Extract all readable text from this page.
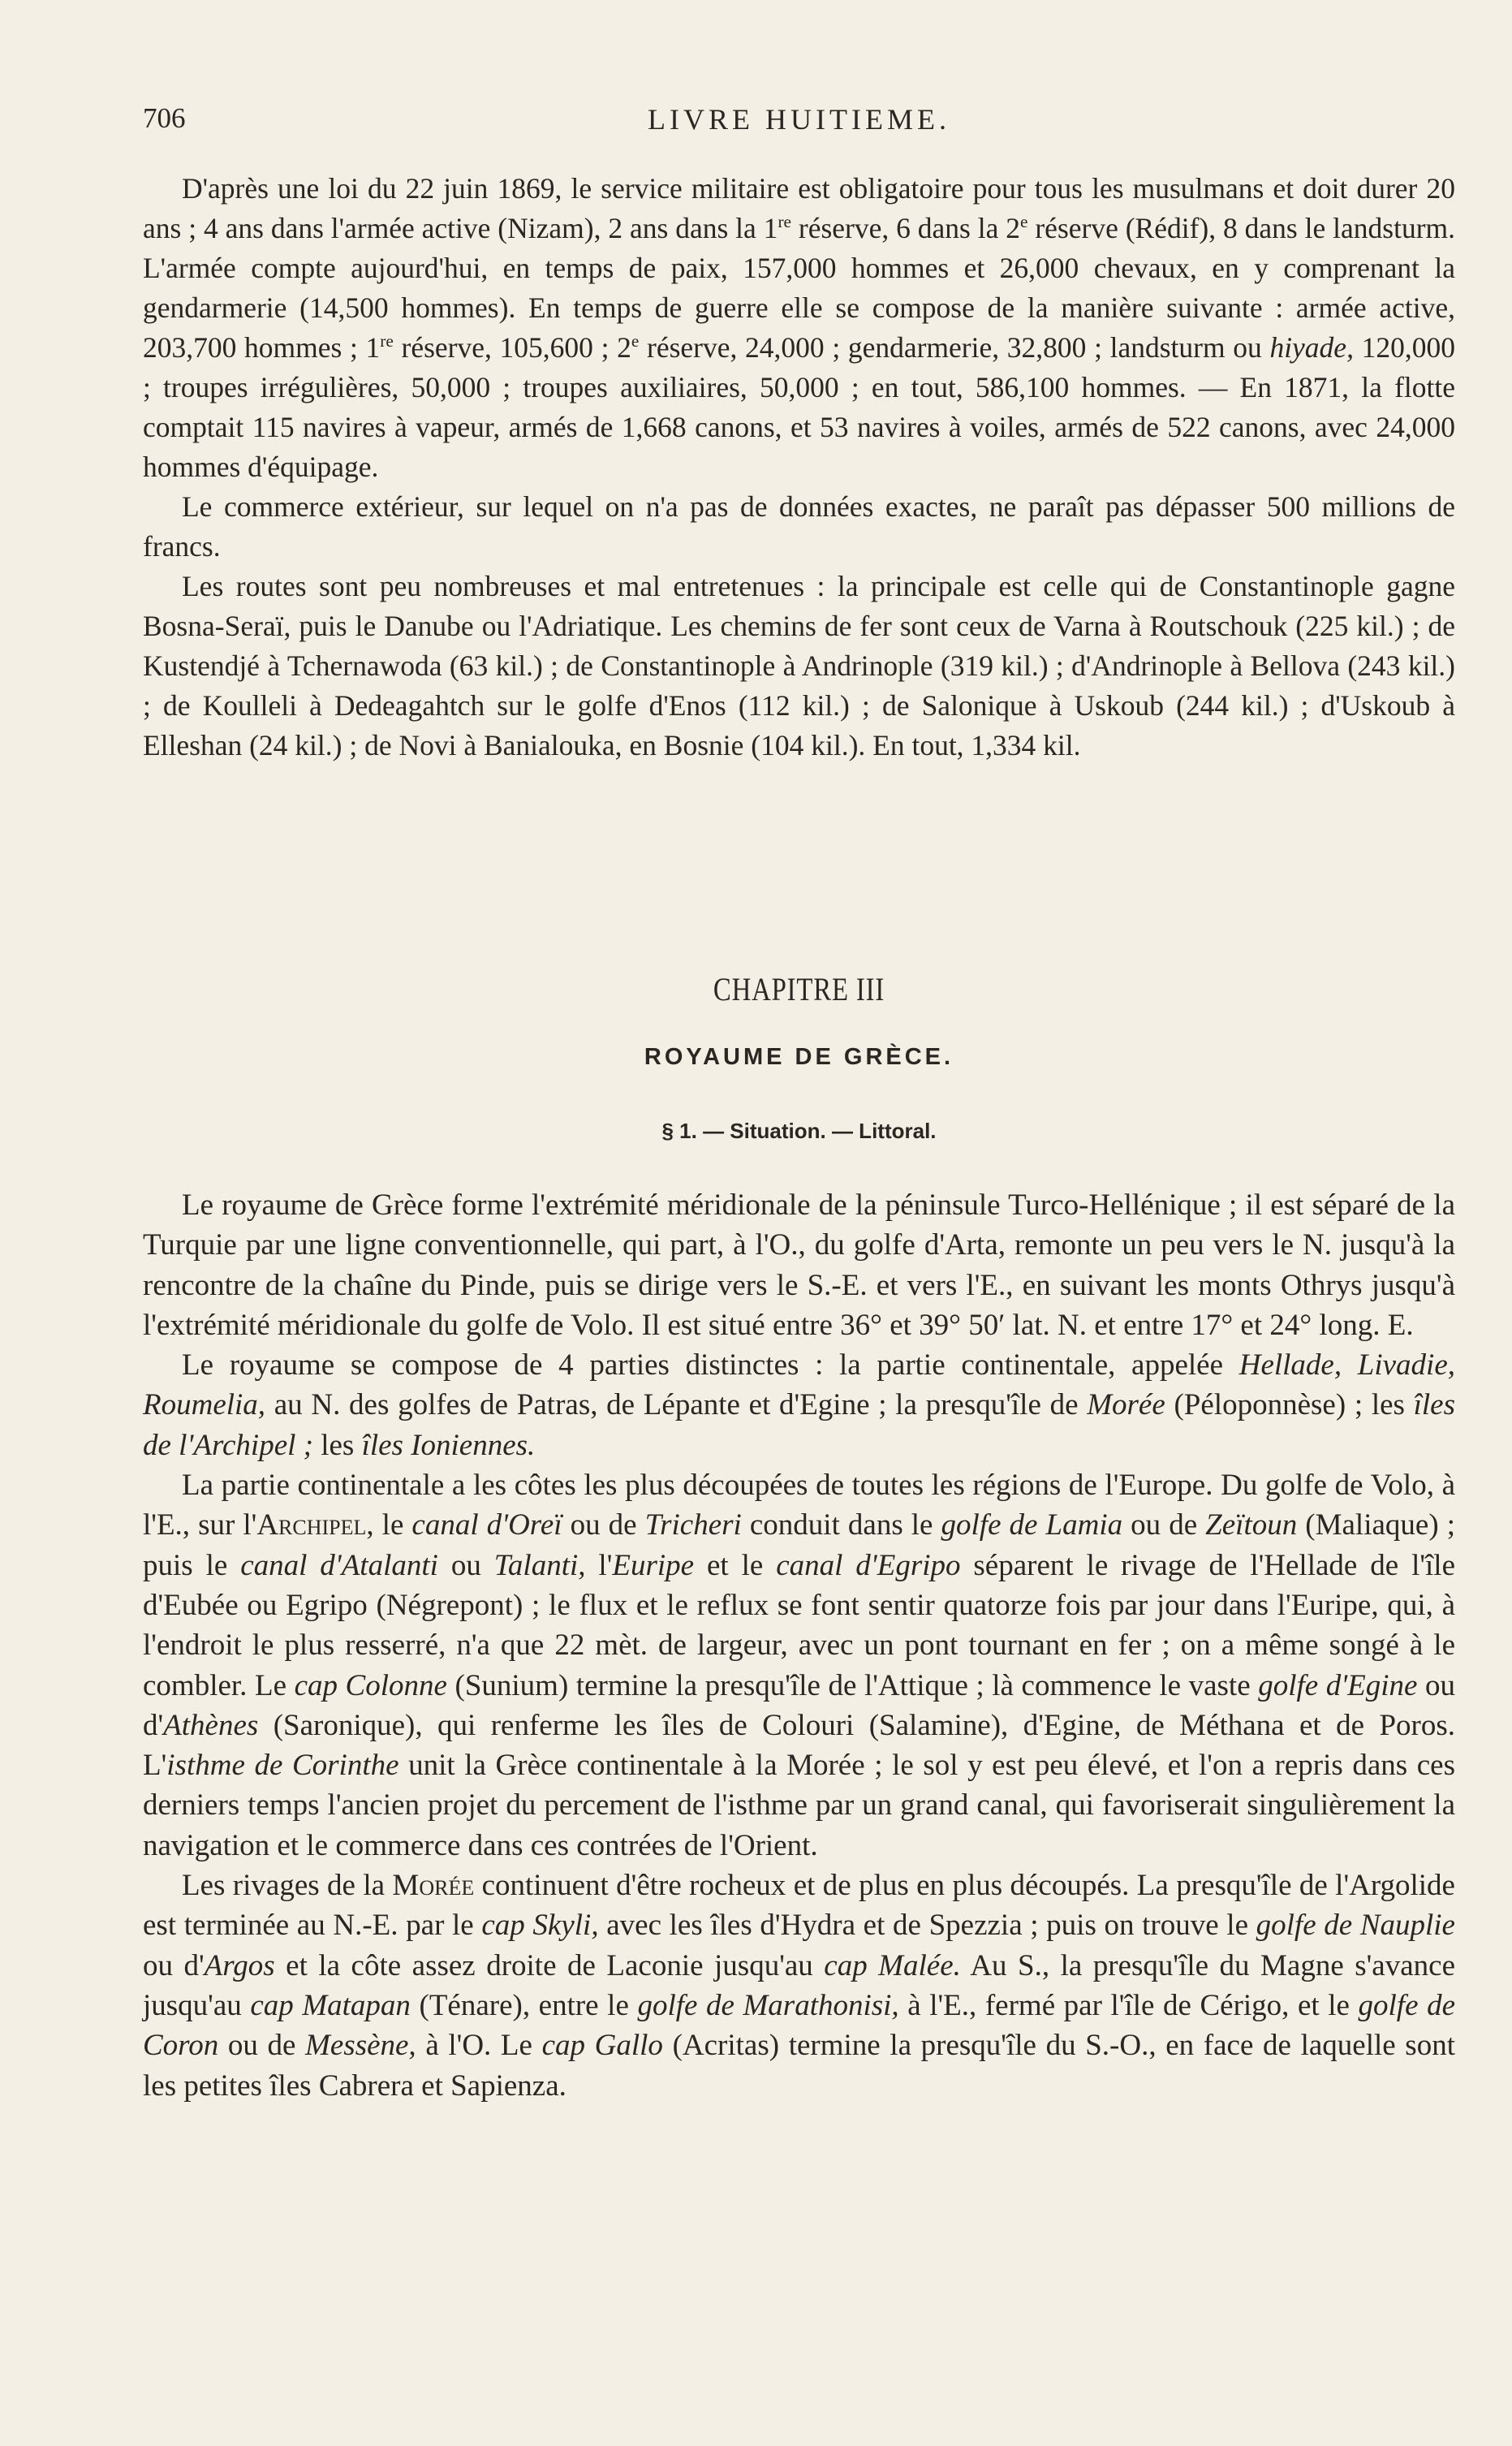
706	LIVRE HUITIEME.

D'après une loi du 22 juin 1869, le service militaire est obligatoire pour tous les musulmans et doit durer 20 ans ; 4 ans dans l'armée active (Nizam), 2 ans dans la 1re réserve, 6 dans la 2e réserve (Rédif), 8 dans le landsturm. L'armée compte aujourd'hui, en temps de paix, 157,000 hommes et 26,000 chevaux, en y comprenant la gendarmerie (14,500 hommes). En temps de guerre elle se compose de la manière suivante : armée active, 203,700 hommes ; 1re réserve, 105,600 ; 2e réserve, 24,000 ; gendarmerie, 32,800 ; landsturm ou hiyade, 120,000 ; troupes irrégulières, 50,000 ; troupes auxiliaires, 50,000 ; en tout, 586,100 hommes. — En 1871, la flotte comptait 115 navires à vapeur, armés de 1,668 canons, et 53 navires à voiles, armés de 522 canons, avec 24,000 hommes d'équipage.

Le commerce extérieur, sur lequel on n'a pas de données exactes, ne paraît pas dépasser 500 millions de francs.

Les routes sont peu nombreuses et mal entretenues : la principale est celle qui de Constantinople gagne Bosna-Seraï, puis le Danube ou l'Adriatique. Les chemins de fer sont ceux de Varna à Routschouk (225 kil.) ; de Kustendjé à Tchernawoda (63 kil.) ; de Constantinople à Andrinople (319 kil.) ; d'Andrinople à Bellova (243 kil.) ; de Koulleli à Dedeagahtch sur le golfe d'Enos (112 kil.) ; de Salonique à Uskoub (244 kil.) ; d'Uskoub à Elleshan (24 kil.) ; de Novi à Banialouka, en Bosnie (104 kil.). En tout, 1,334 kil.

CHAPITRE III
ROYAUME DE GRÈCE.
§ 1. — Situation. — Littoral.

Le royaume de Grèce forme l'extrémité méridionale de la péninsule Turco-Hellénique ; il est séparé de la Turquie par une ligne conventionnelle, qui part, à l'O., du golfe d'Arta, remonte un peu vers le N. jusqu'à la rencontre de la chaîne du Pinde, puis se dirige vers le S.-E. et vers l'E., en suivant les monts Othrys jusqu'à l'extrémité méridionale du golfe de Volo. Il est situé entre 36° et 39° 50′ lat. N. et entre 17° et 24° long. E.

Le royaume se compose de 4 parties distinctes : la partie continentale, appelée Hellade, Livadie, Roumelia, au N. des golfes de Patras, de Lépante et d'Egine ; la presqu'île de Morée (Péloponnèse) ; les îles de l'Archipel ; les îles Ioniennes.

La partie continentale a les côtes les plus découpées de toutes les régions de l'Europe. Du golfe de Volo, à l'E., sur l'Archipel, le canal d'Oreï ou de Tricheri conduit dans le golfe de Lamia ou de Zeïtoun (Maliaque) ; puis le canal d'Atalanti ou Talanti, l'Euripe et le canal d'Egripo séparent le rivage de l'Hellade de l'île d'Eubée ou Egripo (Négrepont) ; le flux et le reflux se font sentir quatorze fois par jour dans l'Euripe, qui, à l'endroit le plus resserré, n'a que 22 mèt. de largeur, avec un pont tournant en fer ; on a même songé à le combler. Le cap Colonne (Sunium) termine la presqu'île de l'Attique ; là commence le vaste golfe d'Egine ou d'Athènes (Saronique), qui renferme les îles de Colouri (Salamine), d'Egine, de Méthana et de Poros. L'isthme de Corinthe unit la Grèce continentale à la Morée ; le sol y est peu élevé, et l'on a repris dans ces derniers temps l'ancien projet du percement de l'isthme par un grand canal, qui favoriserait singulièrement la navigation et le commerce dans ces contrées de l'Orient.

Les rivages de la Morée continuent d'être rocheux et de plus en plus découpés. La presqu'île de l'Argolide est terminée au N.-E. par le cap Skyli, avec les îles d'Hydra et de Spezzia ; puis on trouve le golfe de Nauplie ou d'Argos et la côte assez droite de Laconie jusqu'au cap Malée. Au S., la presqu'île du Magne s'avance jusqu'au cap Matapan (Ténare), entre le golfe de Marathonisi, à l'E., fermé par l'île de Cérigo, et le golfe de Coron ou de Messène, à l'O. Le cap Gallo (Acritas) termine la presqu'île du S.-O., en face de laquelle sont les petites îles Cabrera et Sapienza.
